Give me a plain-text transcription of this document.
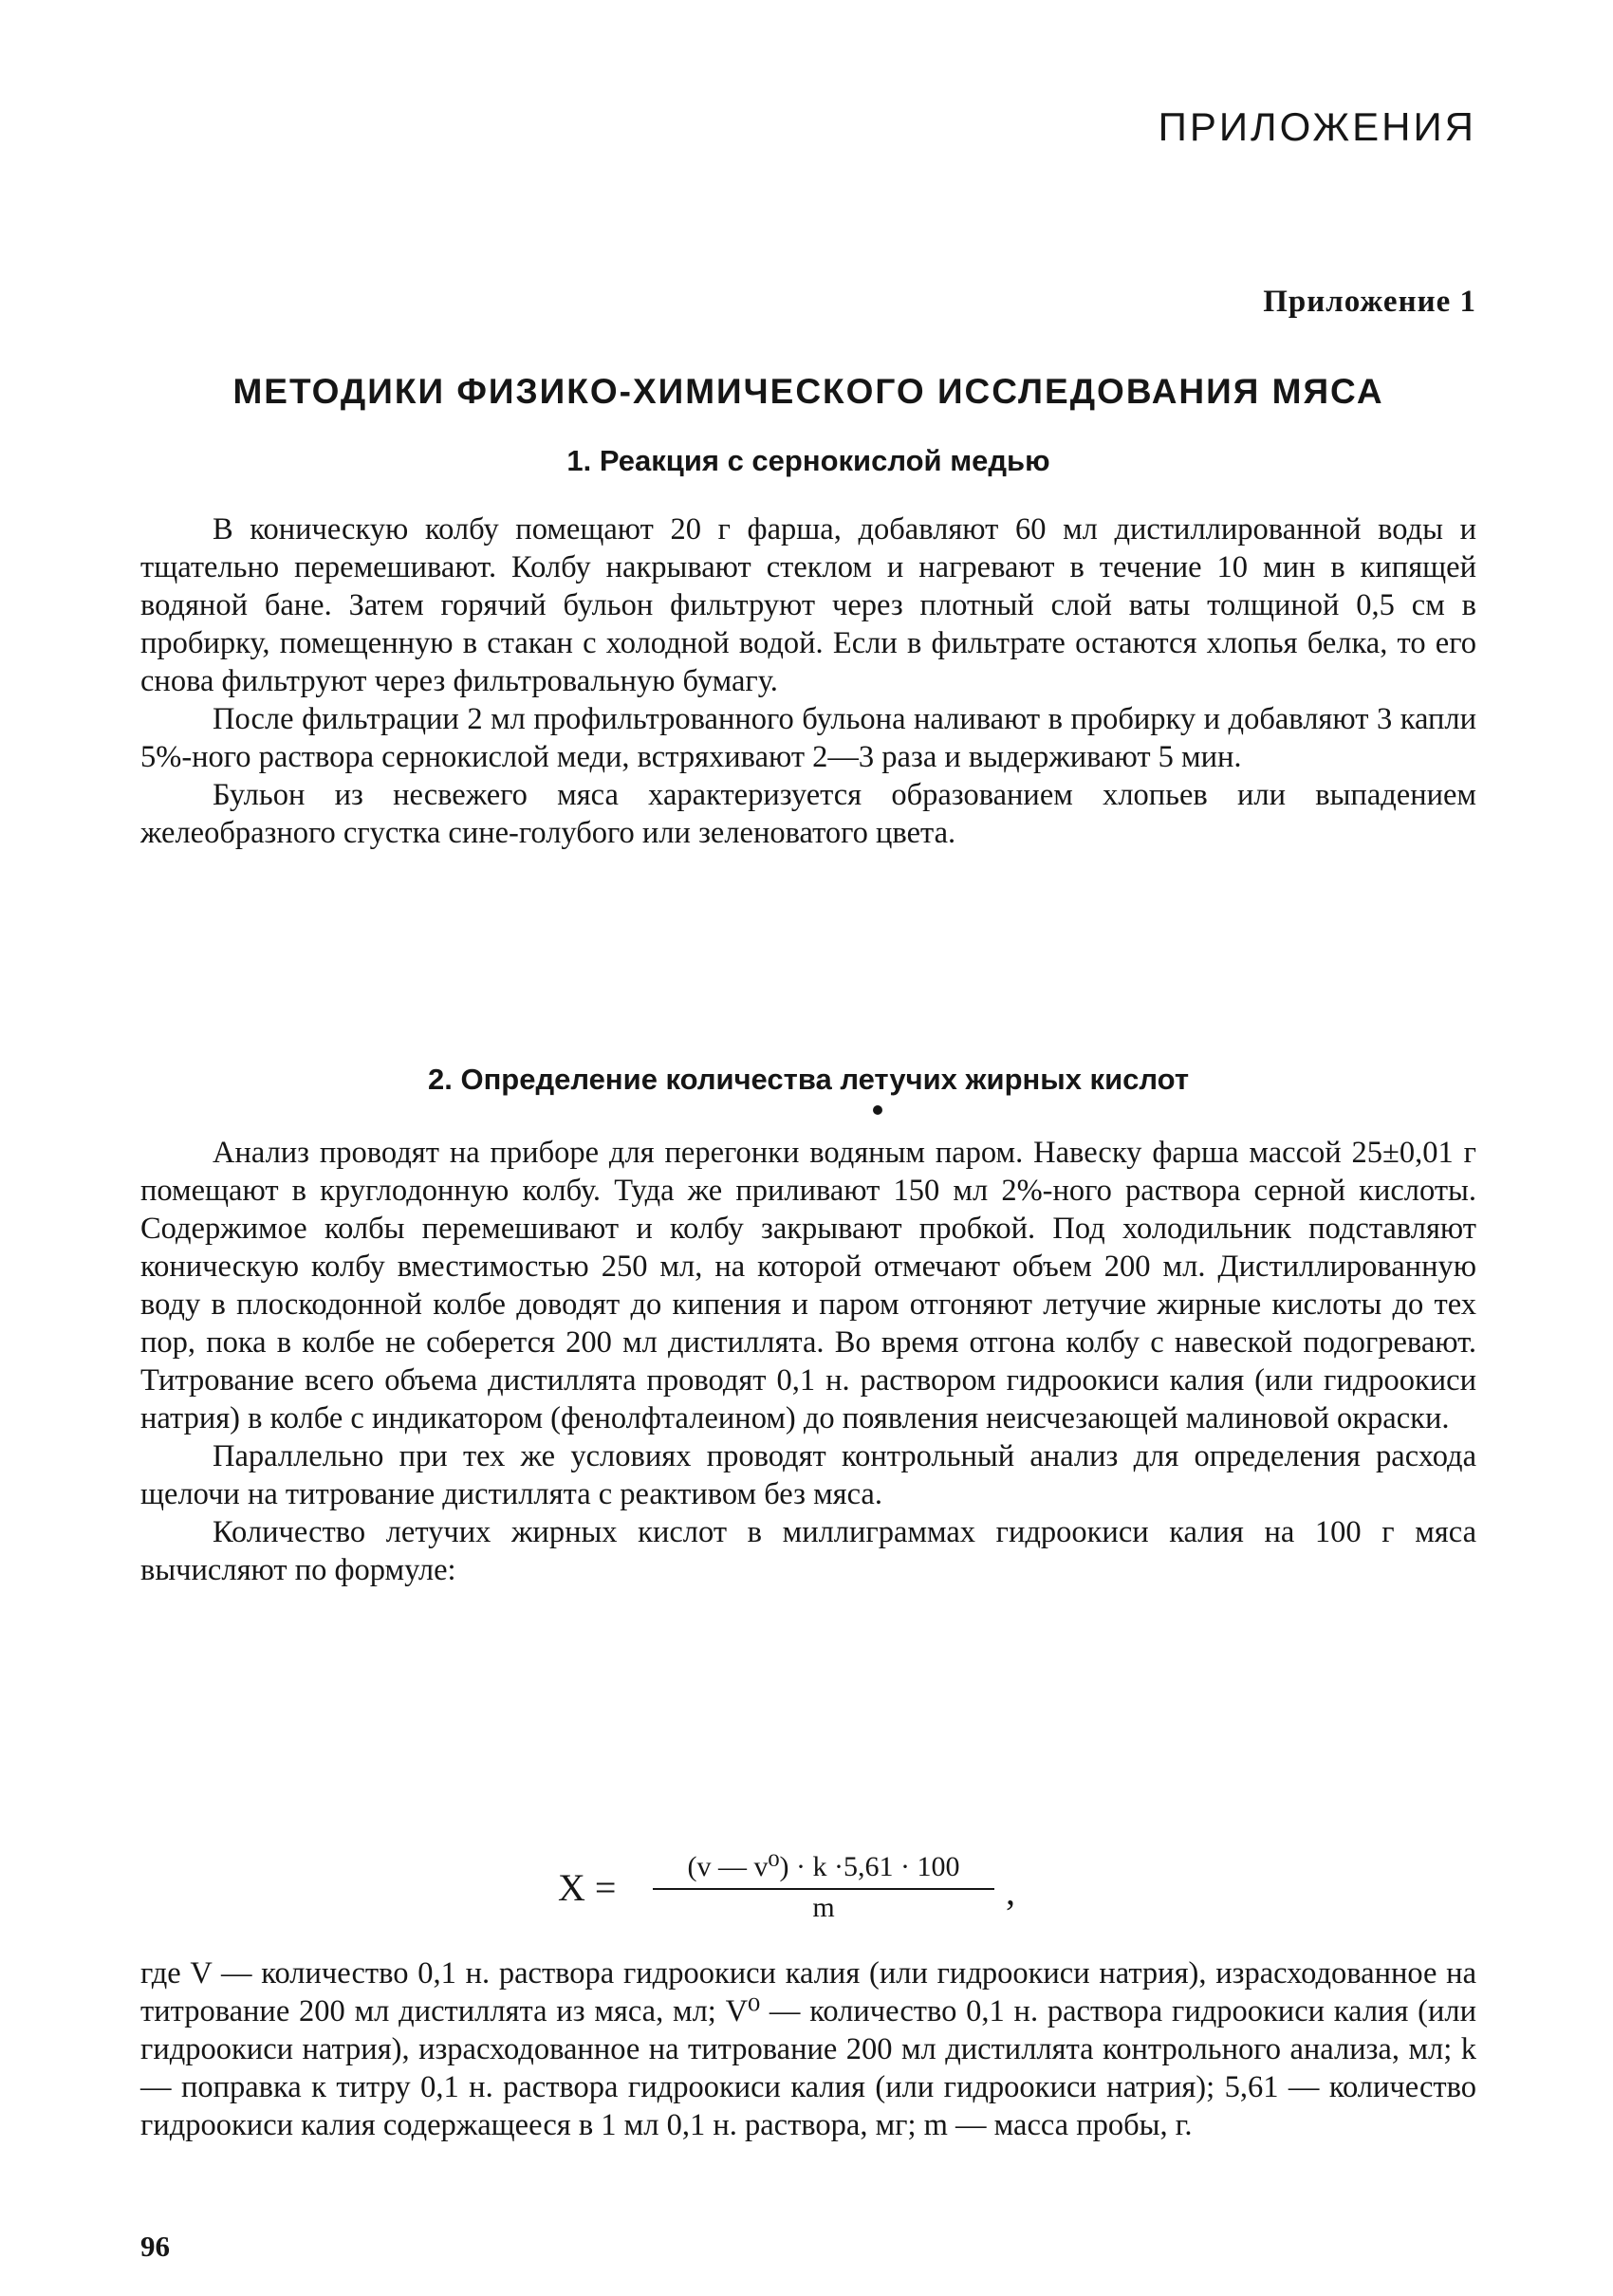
ПРИЛОЖЕНИЯ
Приложение 1
МЕТОДИКИ ФИЗИКО-ХИМИЧЕСКОГО ИССЛЕДОВАНИЯ МЯСА
1. Реакция с сернокислой медью

В коническую колбу помещают 20 г фарша, добавляют 60 мл дистиллированной воды и тщательно перемешивают. Колбу накрывают стеклом и нагревают в течение 10 мин в кипящей водяной бане. Затем горячий бульон фильтруют через плотный слой ваты толщиной 0,5 см в пробирку, помещенную в стакан с холодной водой. Если в фильтрате остаются хлопья белка, то его снова фильтруют через фильтровальную бумагу.

После фильтрации 2 мл профильтрованного бульона наливают в пробирку и добавляют 3 капли 5%-ного раствора сернокислой меди, встряхивают 2—3 раза и выдерживают 5 мин.

Бульон из несвежего мяса характеризуется образованием хлопьев или выпадением желеобразного сгустка сине-голубого или зеленоватого цвета.

2. Определение количества летучих жирных кислот

Анализ проводят на приборе для перегонки водяным паром. Навеску фарша массой 25±0,01 г помещают в круглодонную колбу. Туда же приливают 150 мл 2%-ного раствора серной кислоты. Содержимое колбы перемешивают и колбу закрывают пробкой. Под холодильник подставляют коническую колбу вместимостью 250 мл, на которой отмечают объем 200 мл. Дистиллированную воду в плоскодонной колбе доводят до кипения и паром отгоняют летучие жирные кислоты до тех пор, пока в колбе не соберется 200 мл дистиллята. Во время отгона колбу с навеской подогревают. Титрование всего объема дистиллята проводят 0,1 н. раствором гидроокиси калия (или гидроокиси натрия) в колбе с индикатором (фенолфталеином) до появления неисчезающей малиновой окраски.

Параллельно при тех же условиях проводят контрольный анализ для определения расхода щелочи на титрование дистиллята с реактивом без мяса.

Количество летучих жирных кислот в миллиграммах гидроокиси калия на 100 г мяса вычисляют по формуле:

$X = \frac{\text{(v — v⁰) · k ·5,61 · 100}}{m}$ ,

где V — количество 0,1 н. раствора гидроокиси калия (или гидроокиси натрия), израсходованное на титрование 200 мл дистиллята из мяса, мл; V⁰ — количество 0,1 н. раствора гидроокиси калия (или гидроокиси натрия), израсходованное на титрование 200 мл дистиллята контрольного анализа, мл; k — поправка к титру 0,1 н. раствора гидроокиси калия (или гидроокиси натрия); 5,61 — количество гидроокиси калия содержащееся в 1 мл 0,1 н. раствора, мг; m — масса пробы, г.

96
